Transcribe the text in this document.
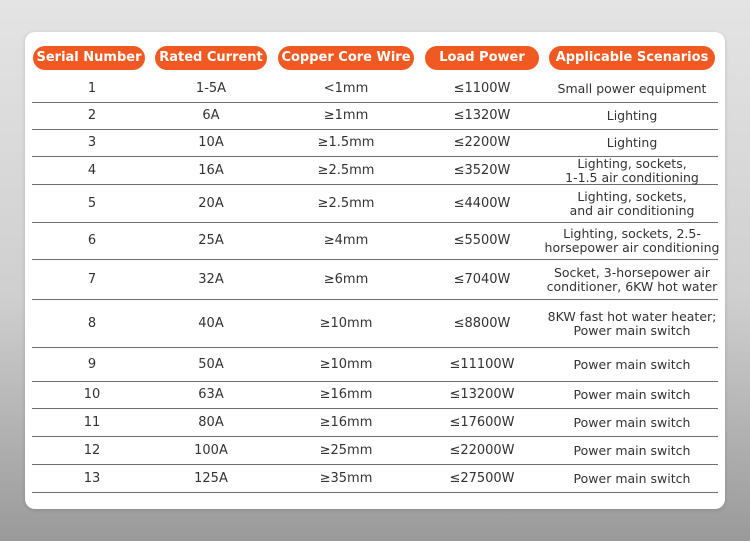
Serial Number	Rated Current	Copper Core Wire	Load Power	Applicable Scenarios
1	1-5A	<1mm	≤1100W	Small power equipment
2	6A	≥1mm	≤1320W	Lighting
3	10A	≥1.5mm	≤2200W	Lighting
4	16A	≥2.5mm	≤3520W	Lighting, sockets,
1-1.5 air conditioning
5	20A	≥2.5mm	≤4400W	Lighting, sockets,
and air conditioning
6	25A	≥4mm	≤5500W	Lighting, sockets, 2.5-
horsepower air conditioning
7	32A	≥6mm	≤7040W	Socket, 3-horsepower air
conditioner, 6KW hot water
8	40A	≥10mm	≤8800W	8KW fast hot water heater;
Power main switch
9	50A	≥10mm	≤11100W	Power main switch
10	63A	≥16mm	≤13200W	Power main switch
11	80A	≥16mm	≤17600W	Power main switch
12	100A	≥25mm	≤22000W	Power main switch
13	125A	≥35mm	≤27500W	Power main switch
